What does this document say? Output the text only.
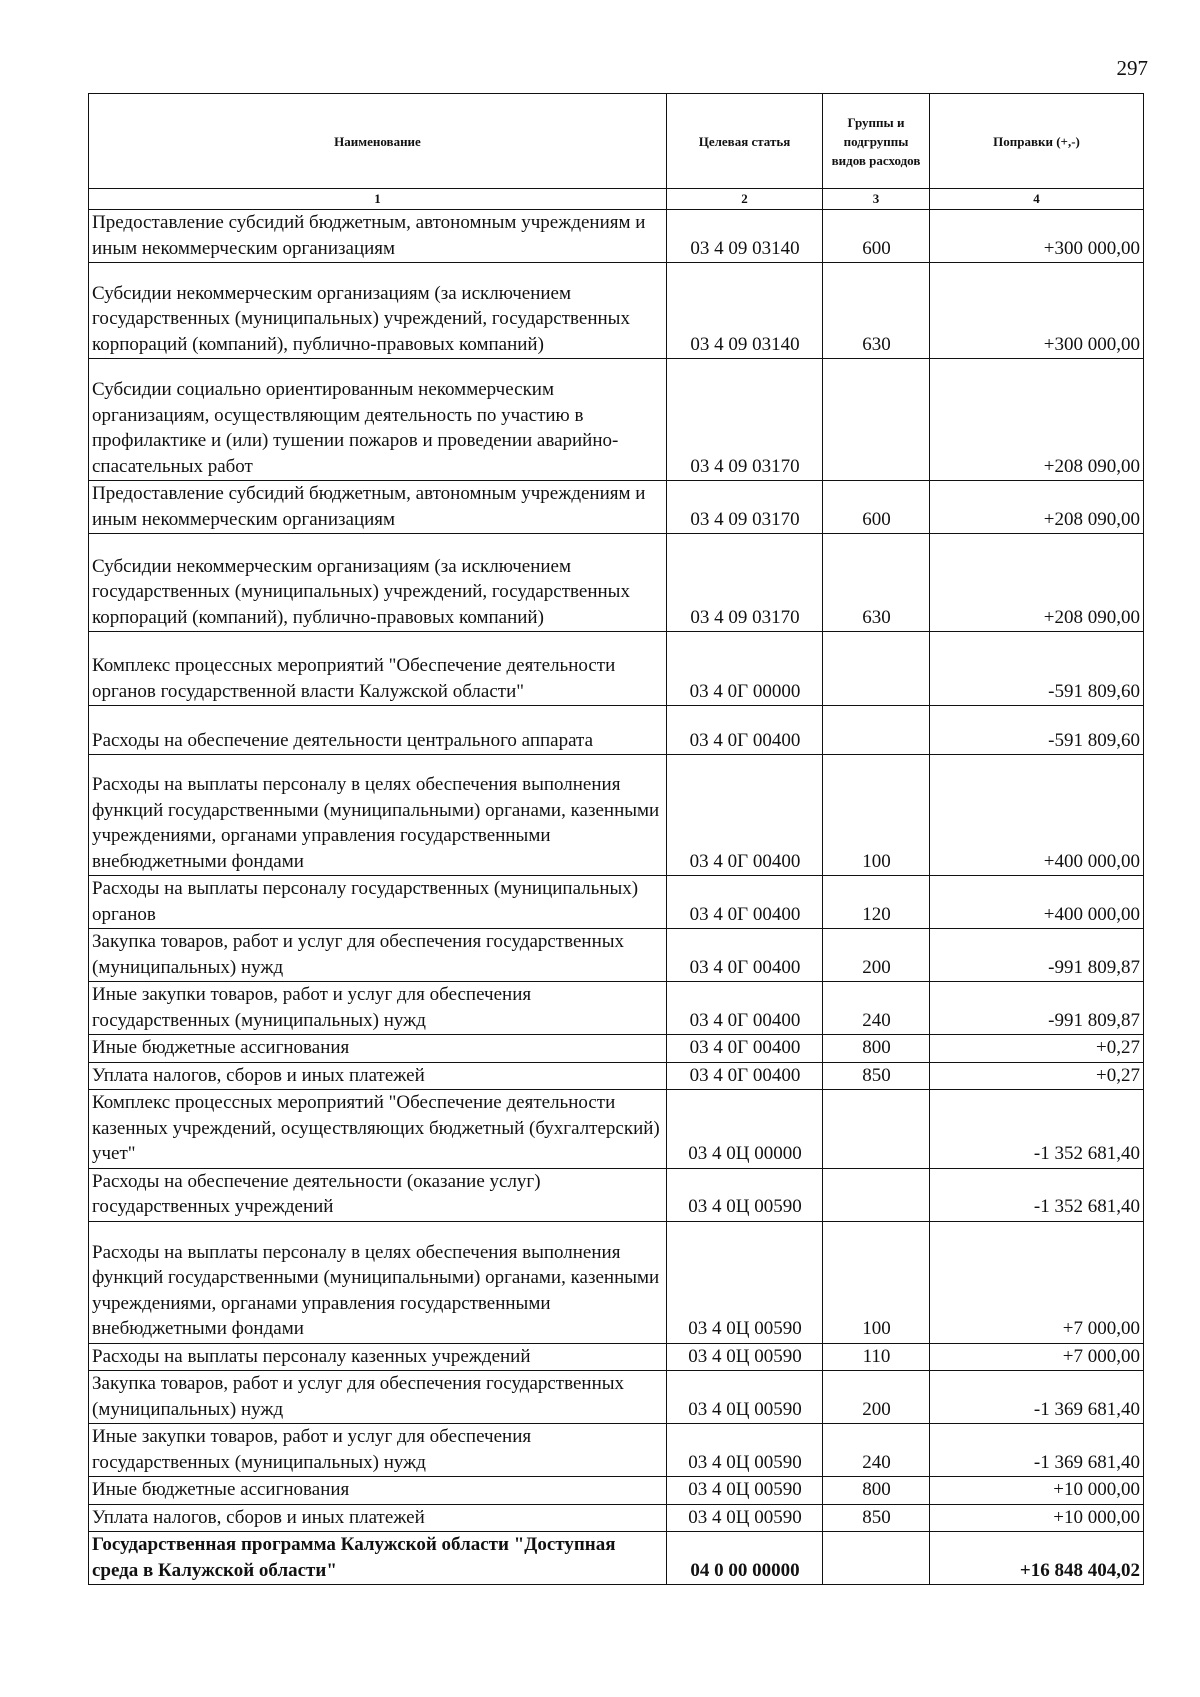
297
Наименование	Целевая статья	Группы и подгруппы видов расходов	Поправки (+,-)
1	2	3	4
Предоставление субсидий бюджетным, автономным учреждениям и иным некоммерческим организациям	03 4 09 03140	600	+300 000,00
Субсидии некоммерческим организациям (за исключением государственных (муниципальных) учреждений, государственных корпораций (компаний), публично-правовых компаний)	03 4 09 03140	630	+300 000,00
Субсидии социально ориентированным некоммерческим организациям, осуществляющим деятельность по участию в профилактике и (или) тушении пожаров и проведении аварийно-спасательных работ	03 4 09 03170		+208 090,00
Предоставление субсидий бюджетным, автономным учреждениям и иным некоммерческим организациям	03 4 09 03170	600	+208 090,00
Субсидии некоммерческим организациям (за исключением государственных (муниципальных) учреждений, государственных корпораций (компаний), публично-правовых компаний)	03 4 09 03170	630	+208 090,00
Комплекс процессных мероприятий "Обеспечение деятельности органов государственной власти Калужской области"	03 4 0Г 00000		-591 809,60
Расходы на обеспечение деятельности центрального аппарата	03 4 0Г 00400		-591 809,60
Расходы на выплаты персоналу в целях обеспечения выполнения функций государственными (муниципальными) органами, казенными учреждениями, органами управления государственными внебюджетными фондами	03 4 0Г 00400	100	+400 000,00
Расходы на выплаты персоналу государственных (муниципальных) органов	03 4 0Г 00400	120	+400 000,00
Закупка товаров, работ и услуг для обеспечения государственных (муниципальных) нужд	03 4 0Г 00400	200	-991 809,87
Иные закупки товаров, работ и услуг для обеспечения государственных (муниципальных) нужд	03 4 0Г 00400	240	-991 809,87
Иные бюджетные ассигнования	03 4 0Г 00400	800	+0,27
Уплата налогов, сборов и иных платежей	03 4 0Г 00400	850	+0,27
Комплекс процессных мероприятий "Обеспечение деятельности казенных учреждений, осуществляющих бюджетный (бухгалтерский) учет"	03 4 0Ц 00000		-1 352 681,40
Расходы на обеспечение деятельности (оказание услуг) государственных учреждений	03 4 0Ц 00590		-1 352 681,40
Расходы на выплаты персоналу в целях обеспечения выполнения функций государственными (муниципальными) органами, казенными учреждениями, органами управления государственными внебюджетными фондами	03 4 0Ц 00590	100	+7 000,00
Расходы на выплаты персоналу казенных учреждений	03 4 0Ц 00590	110	+7 000,00
Закупка товаров, работ и услуг для обеспечения государственных (муниципальных) нужд	03 4 0Ц 00590	200	-1 369 681,40
Иные закупки товаров, работ и услуг для обеспечения государственных (муниципальных) нужд	03 4 0Ц 00590	240	-1 369 681,40
Иные бюджетные ассигнования	03 4 0Ц 00590	800	+10 000,00
Уплата налогов, сборов и иных платежей	03 4 0Ц 00590	850	+10 000,00
Государственная программа Калужской области "Доступная среда в Калужской области"	04 0 00 00000		+16 848 404,02
